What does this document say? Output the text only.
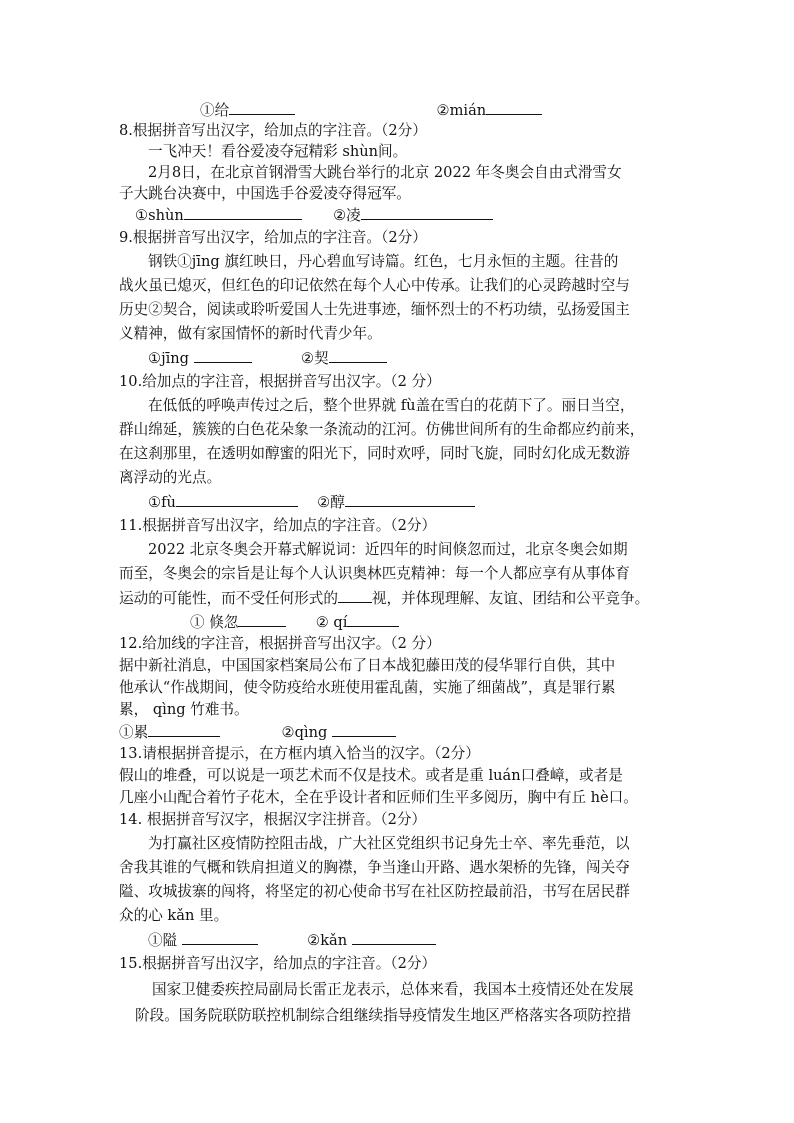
①给	②mián
8.根据拼音写出汉字，给加点的字注音。（2分）
一飞冲天！看谷爱凌夺冠精彩 shùn间。
2月8日，在北京首钢滑雪大跳台举行的北京 2022 年冬奥会自由式滑雪女
子大跳台决赛中，中国选手谷爱凌夺得冠军。
①shùn	②凌
9.根据拼音写出汉字，给加点的字注音。（2分）
钢铁①jīng 旗红映日，丹心碧血写诗篇。红色，七月永恒的主题。往昔的
战火虽已熄灭，但红色的印记依然在每个人心中传承。让我们的心灵跨越时空与
历史②契合，阅读或聆听爱国人士先进事迹，缅怀烈士的不朽功绩，弘扬爱国主
义精神，做有家国情怀的新时代青少年。
①jīng	②契
10.给加点的字注音，根据拼音写出汉字。（2 分）
在低低的呼唤声传过之后，整个世界就 fù盖在雪白的花荫下了。丽日当空，
群山绵延，簇簇的白色花朵象一条流动的江河。仿佛世间所有的生命都应约前来，
在这刹那里，在透明如醇蜜的阳光下，同时欢呼，同时飞旋，同时幻化成无数游
离浮动的光点。
①fù	②醇
11.根据拼音写出汉字，给加点的字注音。（2分）
2022 北京冬奥会开幕式解说词：近四年的时间倏忽而过，北京冬奥会如期
而至，冬奥会的宗旨是让每个人认识奥林匹克精神：每一个人都应享有从事体育
运动的可能性，而不受任何形式的 视，并体现理解、友谊、团结和公平竞争。
① 倏忽	② qí
12.给加线的字注音，根据拼音写出汉字。（2 分）
据中新社消息，中国国家档案局公布了日本战犯藤田茂的侵华罪行自供，其中
他承认“作战期间，使令防疫给水班使用霍乱菌，实施了细菌战”，真是罪行累
累， qìng 竹难书。
①累	②qìng
13.请根据拼音提示，在方框内填入恰当的汉字。（2分）
假山的堆叠，可以说是一项艺术而不仅是技术。或者是重 luán口叠嶂，或者是
几座小山配合着竹子花木，全在乎设计者和匠师们生平多阅历，胸中有丘 hè口。
14. 根据拼音写汉字，根据汉字注拼音。（2分）
为打赢社区疫情防控阻击战，广大社区党组织书记身先士卒、率先垂范，以
舍我其谁的气概和铁肩担道义的胸襟，争当逢山开路、遇水架桥的先锋，闯关夺
隘、攻城拔寨的闯将，将坚定的初心使命书写在社区防控最前沿，书写在居民群
众的心 kǎn 里。
①隘	②kǎn
15.根据拼音写出汉字，给加点的字注音。（2分）
国家卫健委疾控局副局长雷正龙表示，总体来看，我国本土疫情还处在发展
阶段。国务院联防联控机制综合组继续指导疫情发生地区严格落实各项防控措
